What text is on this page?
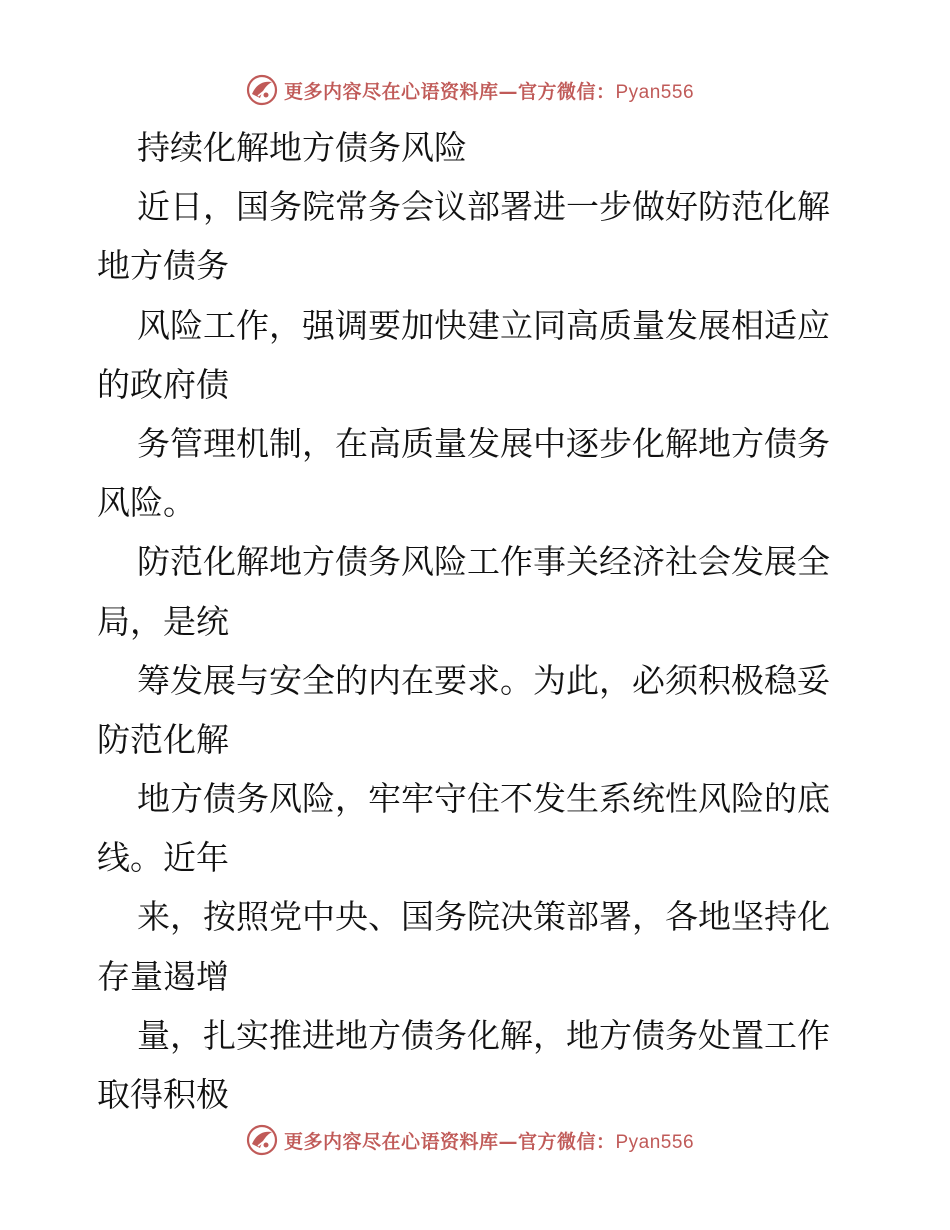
更多内容尽在心语资料库—官方微信：Pyan556
持续化解地方债务风险
近日，国务院常务会议部署进一步做好防范化解
地方债务
风险工作，强调要加快建立同高质量发展相适应
的政府债
务管理机制，在高质量发展中逐步化解地方债务
风险。
防范化解地方债务风险工作事关经济社会发展全
局，是统
筹发展与安全的内在要求。为此，必须积极稳妥
防范化解
地方债务风险，牢牢守住不发生系统性风险的底
线。近年
来，按照党中央、国务院决策部署，各地坚持化
存量遏增
量，扎实推进地方债务化解，地方债务处置工作
取得积极
更多内容尽在心语资料库—官方微信：Pyan556
